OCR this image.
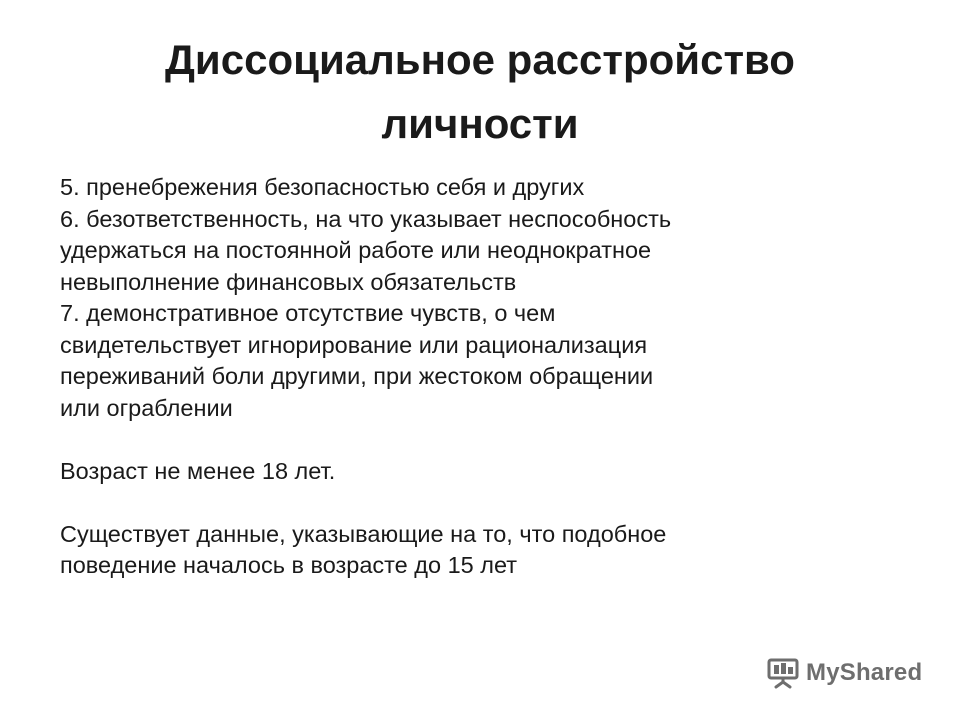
Диссоциальное расстройство
личности
5. пренебрежения безопасностью себя и других
6. безответственность, на что указывает неспособность
удержаться на постоянной работе или неоднократное
невыполнение финансовых обязательств
7. демонстративное отсутствие чувств, о чем
свидетельствует игнорирование или рационализация
переживаний боли другими, при жестоком обращении
или ограблении
Возраст не менее 18 лет.
Существует данные, указывающие на то, что подобное
поведение началось в возрасте до 15 лет
MyShared
